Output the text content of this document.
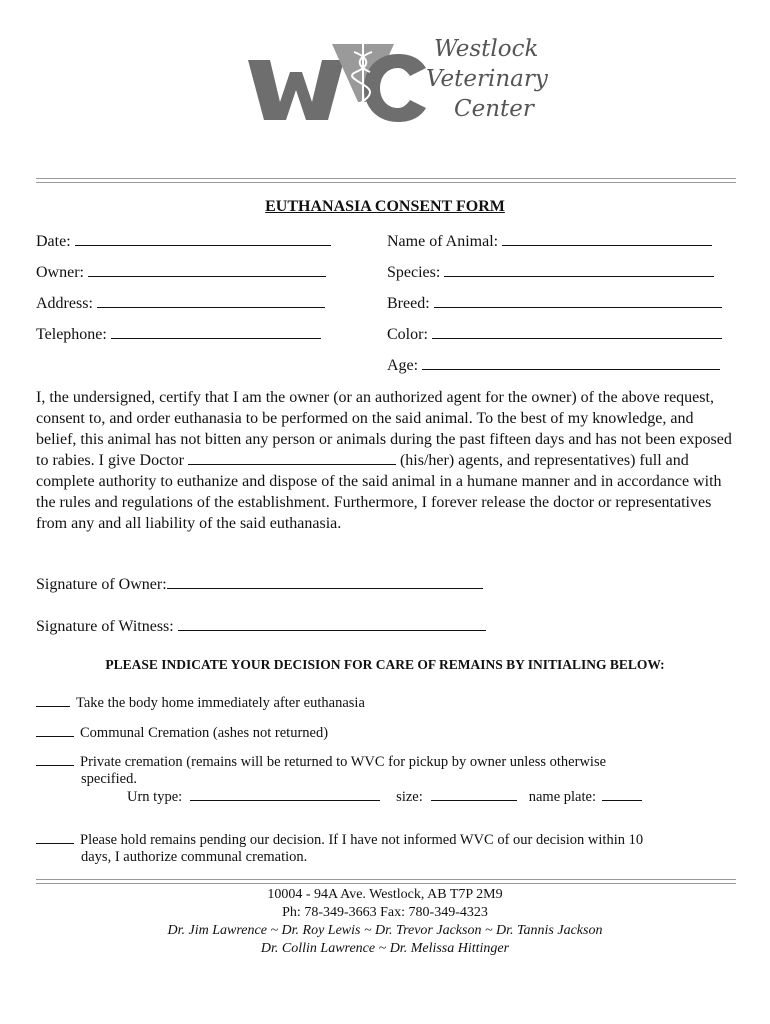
Westlock
Veterinary
Center
EUTHANASIA CONSENT FORM
Date:
Owner:
Address:
Telephone:
Name of Animal:
Species:
Breed:
Color:
Age:
I, the undersigned, certify that I am the owner (or an authorized agent for the owner) of the above request, consent to, and order euthanasia to be performed on the said animal. To the best of my knowledge, and belief, this animal has not bitten any person or animals during the past fifteen days and has not been exposed to rabies. I give Doctor	(his/her) agents, and representatives) full and complete authority to euthanize and dispose of the said animal in a humane manner and in accordance with the rules and regulations of the establishment. Furthermore, I forever release the doctor or representatives from any and all liability of the said euthanasia.
Signature of Owner:
Signature of Witness:
PLEASE INDICATE YOUR DECISION FOR CARE OF REMAINS BY INITIALING BELOW:
Take the body home immediately after euthanasia
Communal Cremation (ashes not returned)
Private cremation (remains will be returned to WVC for pickup by owner unless otherwise
specified.
Urn type:	size:	name plate:
Please hold remains pending our decision. If I have not informed WVC of our decision within 10
days, I authorize communal cremation.
10004 - 94A Ave. Westlock, AB T7P 2M9
Ph: 78-349-3663 Fax: 780-349-4323
Dr. Jim Lawrence ~ Dr. Roy Lewis ~ Dr. Trevor Jackson ~ Dr. Tannis Jackson
Dr. Collin Lawrence ~ Dr. Melissa Hittinger
